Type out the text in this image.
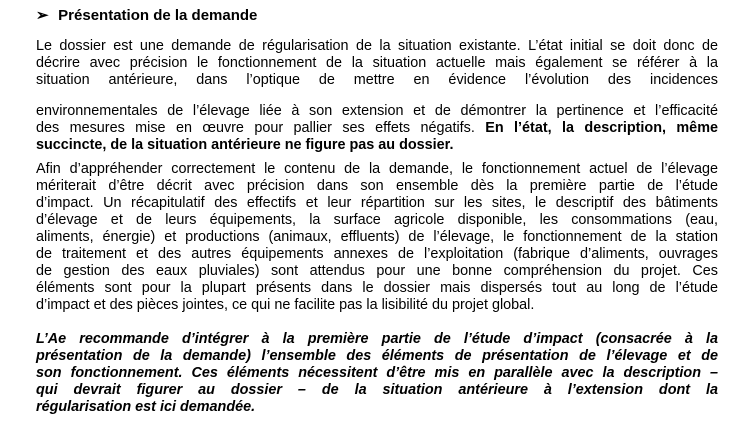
➢ Présentation de la demande
Le dossier est une demande de régularisation de la situation existante. L’état initial se doit donc de
décrire avec précision le fonctionnement de la situation actuelle mais également se référer à la
situation antérieure, dans l’optique de mettre en évidence l’évolution des incidences
environnementales de l’élevage liée à son extension et de démontrer la pertinence et l’efficacité
des mesures mise en œuvre pour pallier ses effets négatifs. En l’état, la description, même
succincte, de la situation antérieure ne figure pas au dossier.
Afin d’appréhender correctement le contenu de la demande, le fonctionnement actuel de l’élevage
mériterait d’être décrit avec précision dans son ensemble dès la première partie de l’étude
d’impact. Un récapitulatif des effectifs et leur répartition sur les sites, le descriptif des bâtiments
d’élevage et de leurs équipements, la surface agricole disponible, les consommations (eau,
aliments, énergie) et productions (animaux, effluents) de l’élevage, le fonctionnement de la station
de traitement et des autres équipements annexes de l’exploitation (fabrique d’aliments, ouvrages
de gestion des eaux pluviales) sont attendus pour une bonne compréhension du projet. Ces
éléments sont pour la plupart présents dans le dossier mais dispersés tout au long de l’étude
d’impact et des pièces jointes, ce qui ne facilite pas la lisibilité du projet global.
L’Ae recommande d’intégrer à la première partie de l’étude d’impact (consacrée à la
présentation de la demande) l’ensemble des éléments de présentation de l’élevage et de
son fonctionnement. Ces éléments nécessitent d’être mis en parallèle avec la description –
qui devrait figurer au dossier – de la situation antérieure à l’extension dont la
régularisation est ici demandée.
